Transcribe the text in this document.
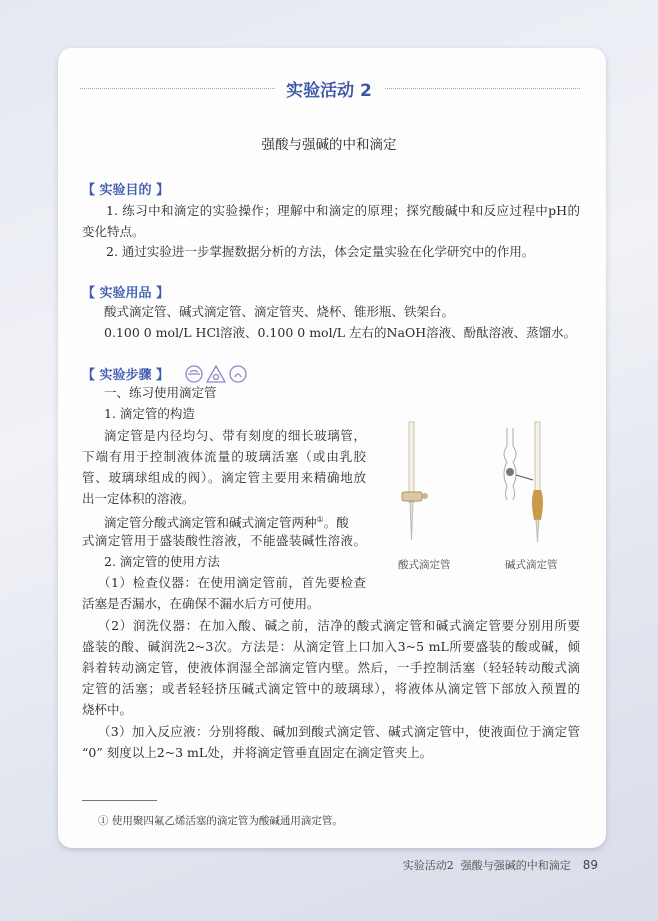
实验活动 2
强酸与强碱的中和滴定
【 实验目的 】
1. 练习中和滴定的实验操作；理解中和滴定的原理；探究酸碱中和反应过程中pH的
变化特点。
2. 通过实验进一步掌握数据分析的方法，体会定量实验在化学研究中的作用。
【 实验用品 】
酸式滴定管、碱式滴定管、滴定管夹、烧杯、锥形瓶、铁架台。
0.100 0 mol/L HCl溶液、0.100 0 mol/L 左右的NaOH溶液、酚酞溶液、蒸馏水。
【 实验步骤 】
一、练习使用滴定管
1. 滴定管的构造
滴定管是内径均匀、带有刻度的细长玻璃管，
下端有用于控制液体流量的玻璃活塞（或由乳胶
管、玻璃球组成的阀）。滴定管主要用来精确地放
出一定体积的溶液。
滴定管分酸式滴定管和碱式滴定管两种①。酸
式滴定管用于盛装酸性溶液，不能盛装碱性溶液。
2. 滴定管的使用方法
（1）检查仪器：在使用滴定管前，首先要检查
活塞是否漏水，在确保不漏水后方可使用。
（2）润洗仪器：在加入酸、碱之前，洁净的酸式滴定管和碱式滴定管要分别用所要
盛装的酸、碱润洗2~3次。方法是：从滴定管上口加入3~5 mL所要盛装的酸或碱，倾
斜着转动滴定管，使液体润湿全部滴定管内壁。然后，一手控制活塞（轻轻转动酸式滴
定管的活塞；或者轻轻挤压碱式滴定管中的玻璃球），将液体从滴定管下部放入预置的
烧杯中。
（3）加入反应液：分别将酸、碱加到酸式滴定管、碱式滴定管中，使液面位于滴定管
“0” 刻度以上2~3 mL处，并将滴定管垂直固定在滴定管夹上。
酸式滴定管	碱式滴定管
① 使用聚四氟乙烯活塞的滴定管为酸碱通用滴定管。
实验活动2  强酸与强碱的中和滴定 89
